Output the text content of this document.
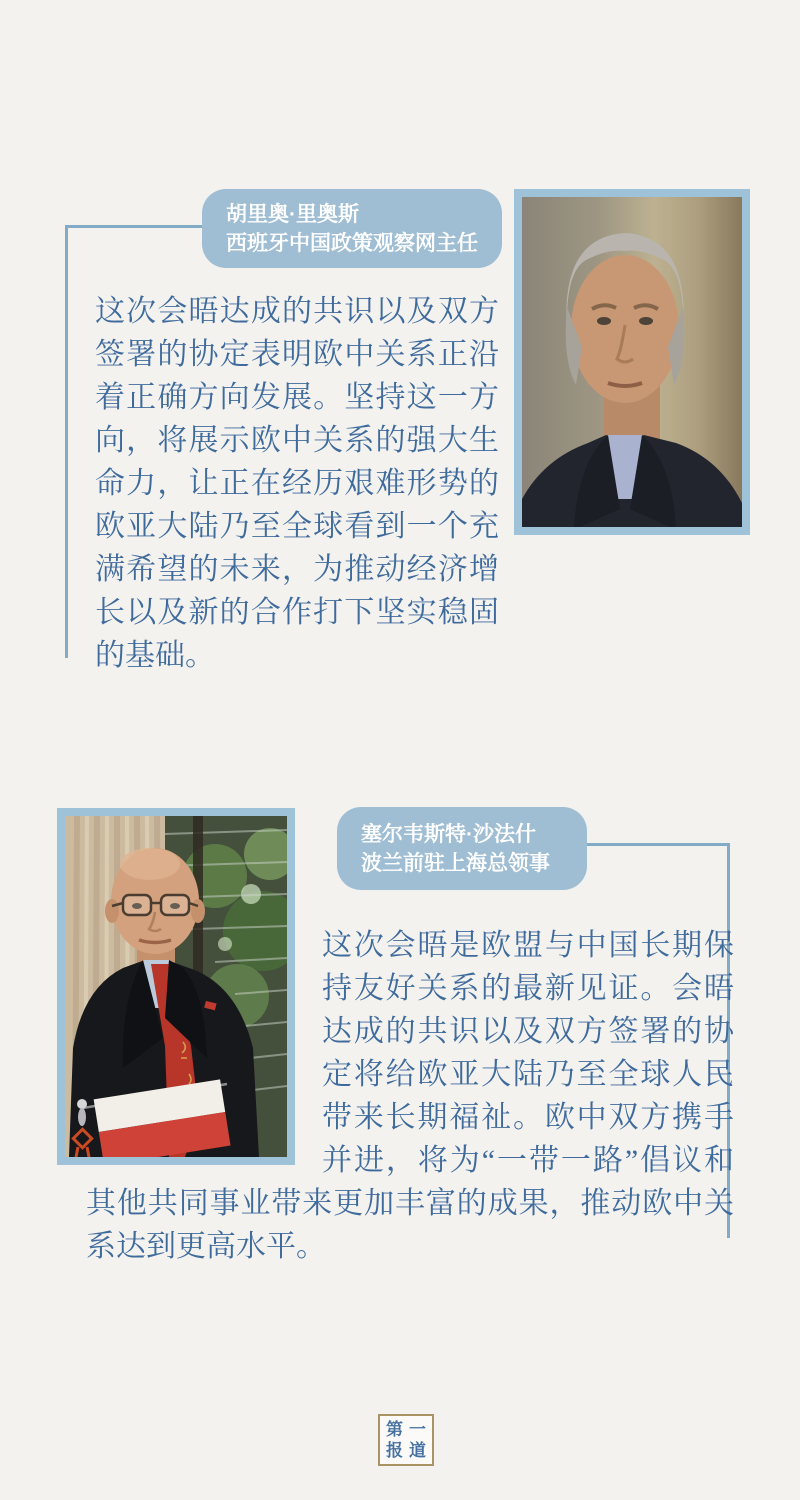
胡里奥·里奥斯
西班牙中国政策观察网主任

这次会晤达成的共识以及双方签署的协定表明欧中关系正沿着正确方向发展。坚持这一方向，将展示欧中关系的强大生命力，让正在经历艰难形势的欧亚大陆乃至全球看到一个充满希望的未来，为推动经济增长以及新的合作打下坚实稳固的基础。

塞尔韦斯特·沙法什
波兰前驻上海总领事
这次会晤是欧盟与中国长期保持友好关系的最新见证。会晤达成的共识以及双方签署的协定将给欧亚大陆乃至全球人民带来长期福祉。欧中双方携手并进，将为“一带一路”倡议和其他共同事业带来更加丰富的成果，推动欧中关系达到更高水平。
第一
报道
